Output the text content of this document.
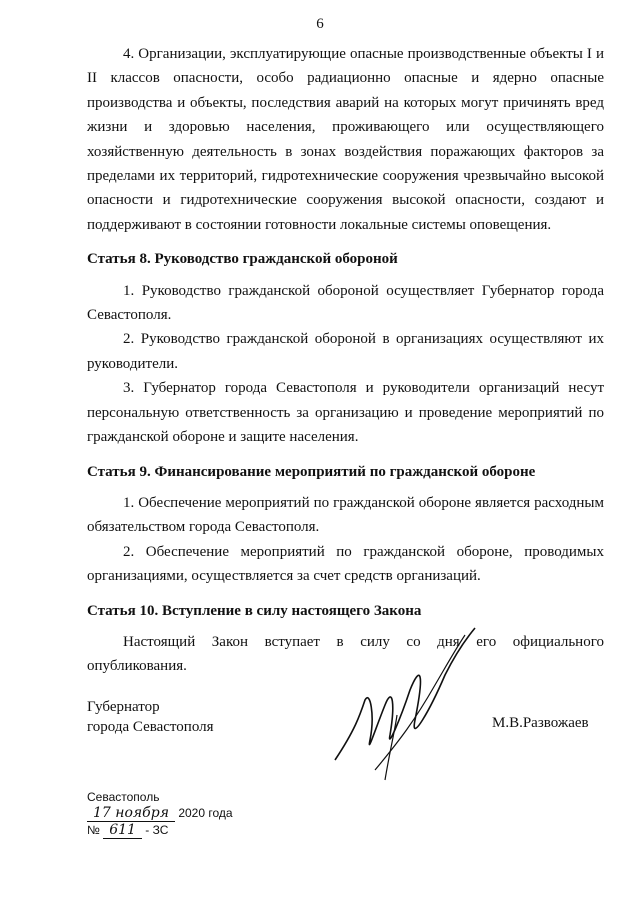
6

4. Организации, эксплуатирующие опасные производственные объекты I и II классов опасности, особо радиационно опасные и ядерно опасные производства и объекты, последствия аварий на которых могут причинять вред жизни и здоровью населения, проживающего или осуществляющего хозяйственную деятельность в зонах воздействия поражающих факторов за пределами их территорий, гидротехнические сооружения чрезвычайно высокой опасности и гидротехнические сооружения высокой опасности, создают и поддерживают в состоянии готовности локальные системы оповещения.

Статья 8. Руководство гражданской обороной

1. Руководство гражданской обороной осуществляет Губернатор города Севастополя.

2. Руководство гражданской обороной в организациях осуществляют их руководители.

3. Губернатор города Севастополя и руководители организаций несут персональную ответственность за организацию и проведение мероприятий по гражданской обороне и защите населения.

Статья 9. Финансирование мероприятий по гражданской обороне

1. Обеспечение мероприятий по гражданской обороне является расходным обязательством города Севастополя.

2. Обеспечение мероприятий по гражданской обороне, проводимых организациями, осуществляется за счет средств организаций.

Статья 10. Вступление в силу настоящего Закона

Настоящий Закон вступает в силу со дня его официального опубликования.

Губернатор
города Севастополя	М.В.Развожаев
Севастополь
17 ноября 2020 года
№ 611 - ЗС
